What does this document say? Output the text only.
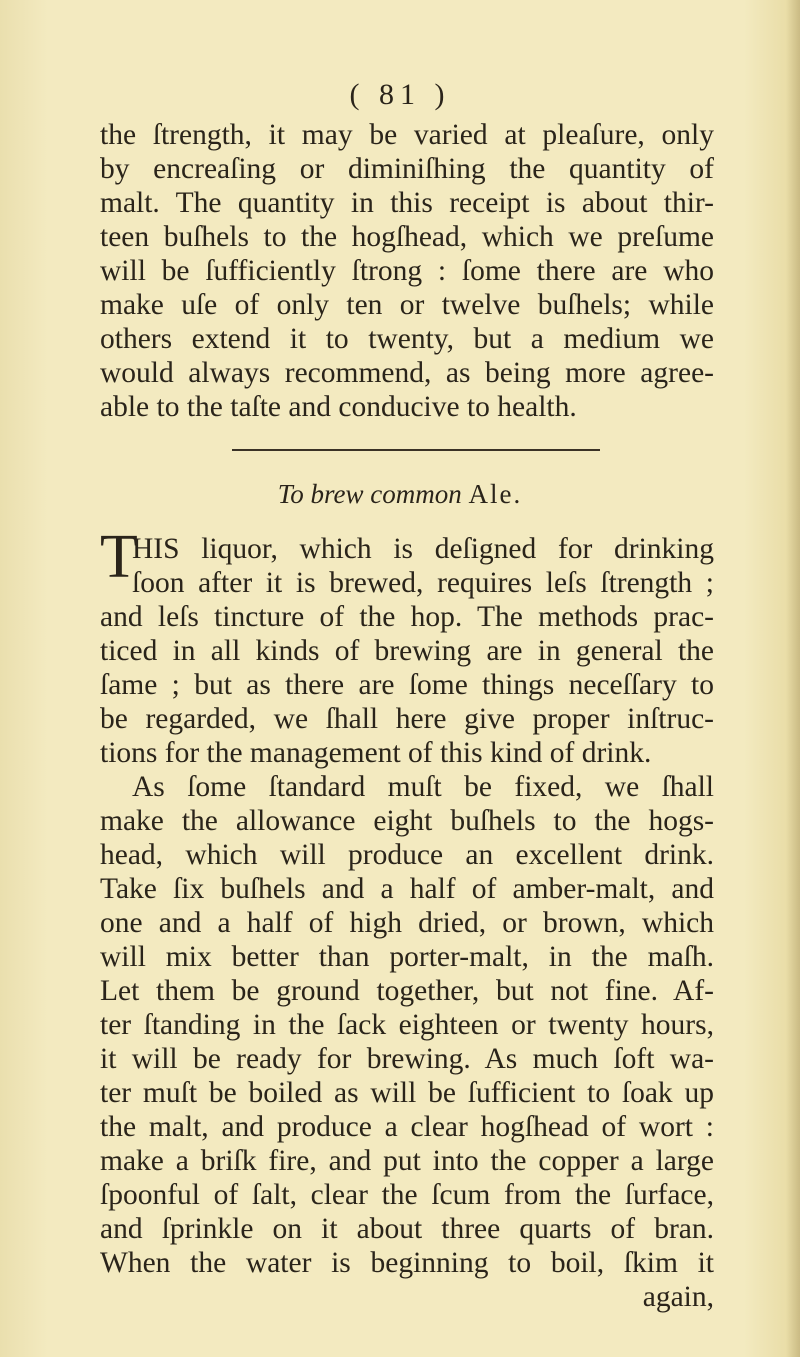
( 81 )
the ſtrength, it may be varied at pleaſure, only
by encreaſing or diminiſhing the quantity of
malt. The quantity in this receipt is about thir-
teen buſhels to the hogſhead, which we preſume
will be ſufficiently ſtrong : ſome there are who
make uſe of only ten or twelve buſhels; while
others extend it to twenty, but a medium we
would always recommend, as being more agree-
able to the taſte and conducive to health.
To brew common Ale.
T
HIS liquor, which is deſigned for drinking
ſoon after it is brewed, requires leſs ſtrength ;
and leſs tincture of the hop. The methods prac-
ticed in all kinds of brewing are in general the
ſame ; but as there are ſome things neceſſary to
be regarded, we ſhall here give proper inſtruc-
tions for the management of this kind of drink.
As ſome ſtandard muſt be fixed, we ſhall
make the allowance eight buſhels to the hogs-
head, which will produce an excellent drink.
Take ſix buſhels and a half of amber-malt, and
one and a half of high dried, or brown, which
will mix better than porter-malt, in the maſh.
Let them be ground together, but not fine. Af-
ter ſtanding in the ſack eighteen or twenty hours,
it will be ready for brewing. As much ſoft wa-
ter muſt be boiled as will be ſufficient to ſoak up
the malt, and produce a clear hogſhead of wort :
make a briſk fire, and put into the copper a large
ſpoonful of ſalt, clear the ſcum from the ſurface,
and ſprinkle on it about three quarts of bran.
When the water is beginning to boil, ſkim it
again,
